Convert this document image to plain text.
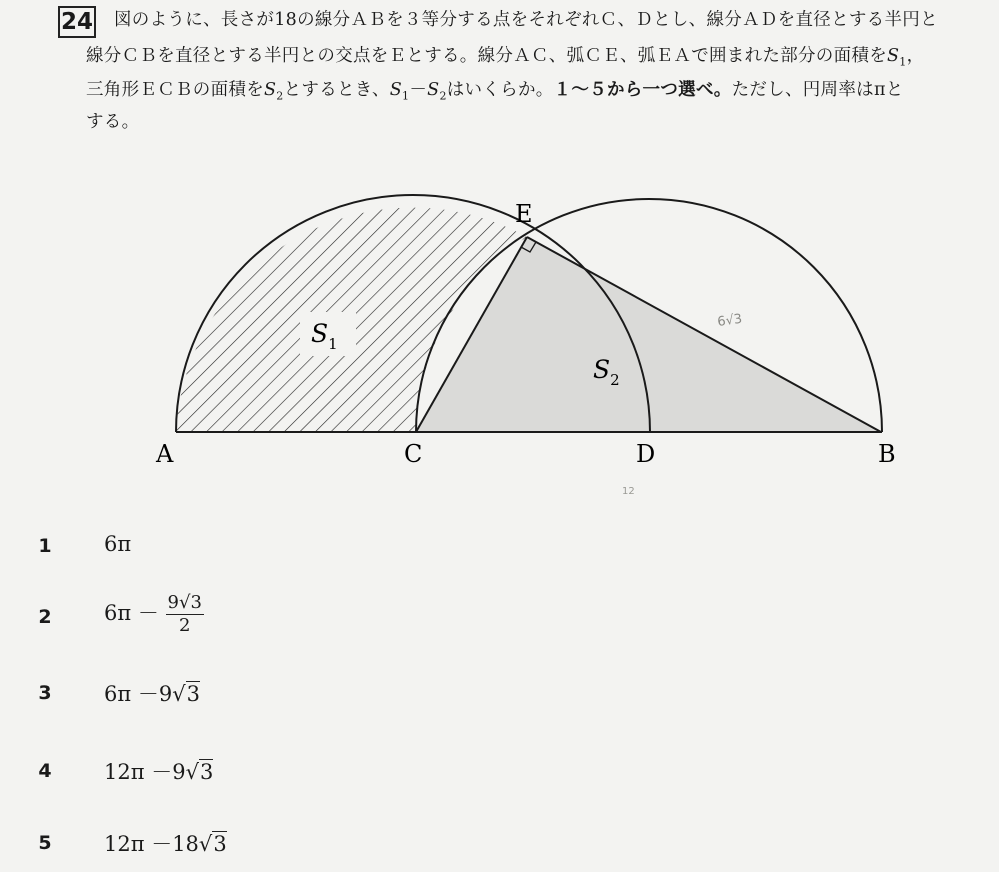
24 図のように、長さが18の線分ＡＢを３等分する点をそれぞれＣ、Ｄとし、線分ＡＤを直径とする半円と
線分ＣＢを直径とする半円との交点をＥとする。線分ＡＣ、弧ＣＥ、弧ＥＡで囲まれた部分の面積を$S_1$，
三角形ＥＣＢの面積を$S_2$とするとき、$S_1-S_2$はいくらか。１～５から一つ選べ。ただし、円周率はπと
する。
A	C	D	B
E
$S_1$
$S_2$
6√3
12
1	6π
2	$6\pi - \frac{9√3}{2}$
3	6π －9√3
4	12π －9√3
5	12π －18√3
